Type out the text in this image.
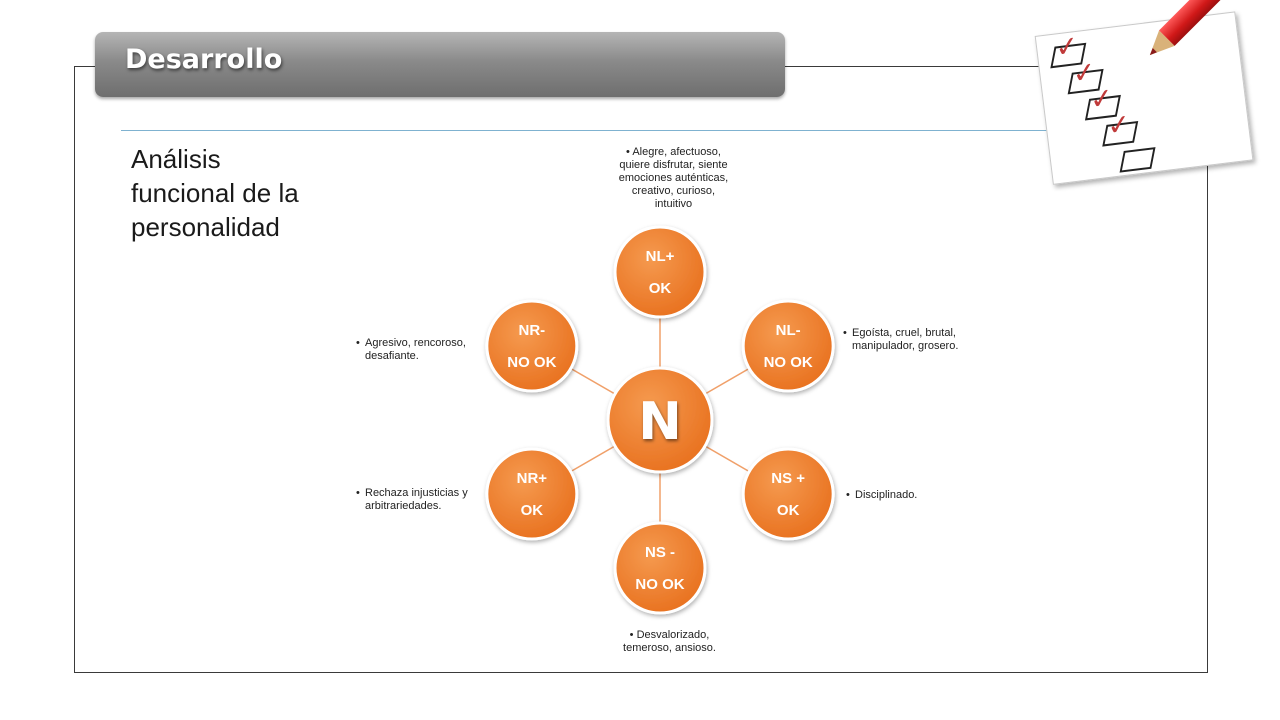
Desarrollo
Análisis funcional de la personalidad
✓
✓
✓
✓
NL+
OK
NL-
NO OK
NS +
OK
NS -
NO OK
NR+
OK
NR-
NO OK
N
• Alegre, afectuoso, quiere disfrutar, siente emociones auténticas, creativo, curioso, intuitivo
• Egoísta, cruel, brutal, manipulador, grosero.
• Disciplinado.
• Desvalorizado, temeroso, ansioso.
• Rechaza injusticias y arbitrariedades.
• Agresivo, rencoroso, desafiante.
